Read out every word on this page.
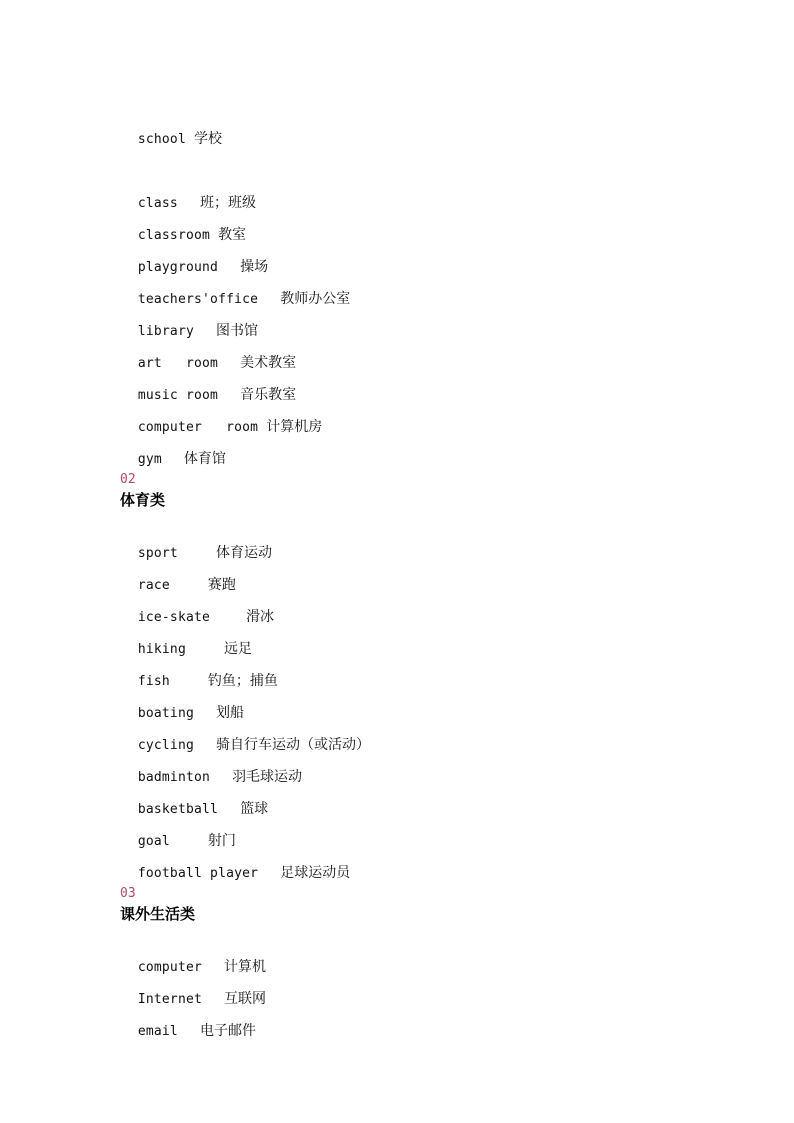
school 学校

class 班；班级

classroom 教室

playground 操场

teachers'office 教师办公室

library 图书馆

art   room 美术教室

music room 音乐教室

computer   room 计算机房

gym 体育馆

02
体育类

sport	体育运动

race	赛跑

ice-skate	滑冰

hiking	远足

fish	钓鱼；捕鱼

boating 划船

cycling 骑自行车运动（或活动）

badminton 羽毛球运动

basketball 篮球

goal	射门

football player 足球运动员

03
课外生活类

computer 计算机

Internet 互联网

email 电子邮件
